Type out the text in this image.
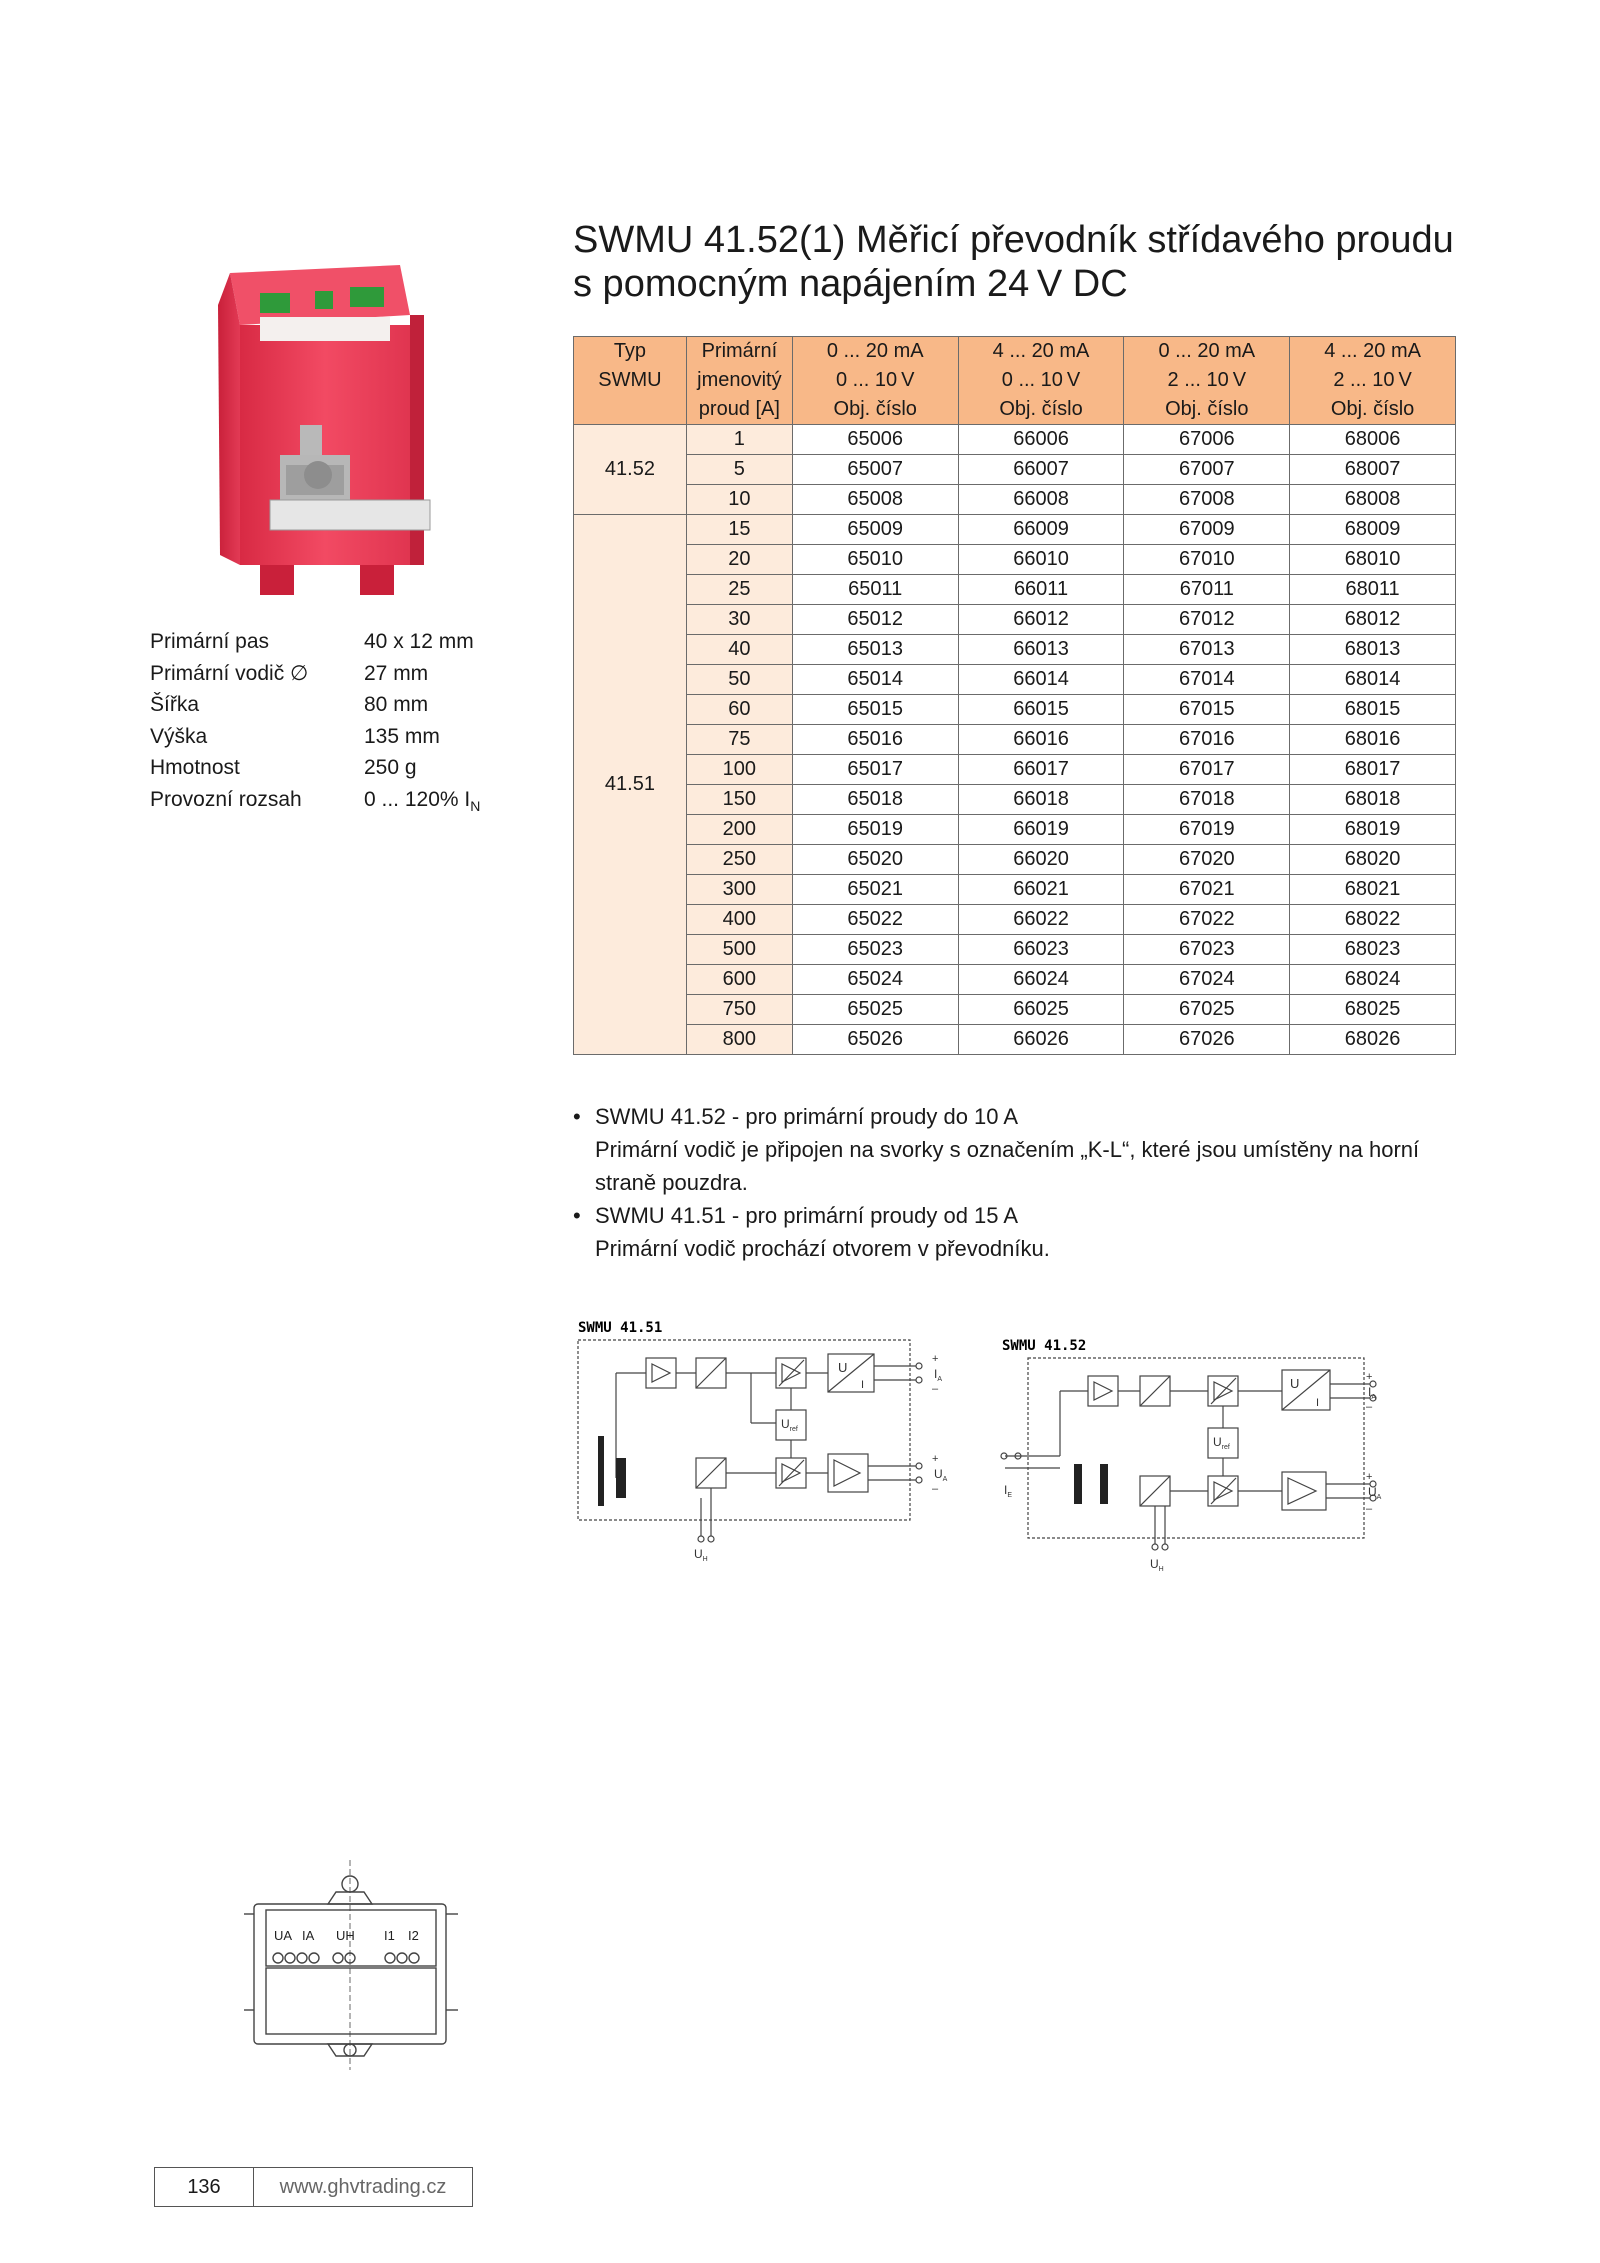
SWMU 41.52(1) Měřicí převodník střídavého proudu
s pomocným napájením 24 V DC
Primární pas	40 x 12 mm
Primární vodič ∅	27 mm
Šířka	80 mm
Výška	135 mm
Hmotnost	250 g
Provozní rozsah	0 ... 120% $I_N$
Typ	Primární	0 ... 20 mA	4 ... 20 mA	0 ... 20 mA	4 ... 20 mA
SWMU	jmenovitý	0 ... 10 V	0 ... 10 V	2 ... 10 V	2 ... 10 V
	proud [A]	Obj. číslo	Obj. číslo	Obj. číslo	Obj. číslo
41.52	1	65006	66006	67006	68006
	5	65007	66007	67007	68007
	10	65008	66008	67008	68008
41.51	15	65009	66009	67009	68009
	20	65010	66010	67010	68010
	25	65011	66011	67011	68011
	30	65012	66012	67012	68012
	40	65013	66013	67013	68013
	50	65014	66014	67014	68014
	60	65015	66015	67015	68015
	75	65016	66016	67016	68016
	100	65017	66017	67017	68017
	150	65018	66018	67018	68018
	200	65019	66019	67019	68019
	250	65020	66020	67020	68020
	300	65021	66021	67021	68021
	400	65022	66022	67022	68022
	500	65023	66023	67023	68023
	600	65024	66024	67024	68024
	750	65025	66025	67025	68025
	800	65026	66026	67026	68026
• SWMU 41.52 - pro primární proudy do 10 A
Primární vodič je připojen na svorky s označením „K-L“, které jsou umístěny na horní straně pouzdra.
• SWMU 41.51 - pro primární proudy od 15 A
Primární vodič prochází otvorem v převodníku.
SWMU 41.51
U
I
$U_{ref}$
$I_A$
$U_A$
$U_H$
+
–
+
–
SWMU 41.52
U
I
$U_{ref}$
$I_A$
$U_A$
$I_E$
$U_H$
+
–
+
–
UA IA UH I1 I2
136	www.ghvtrading.cz
